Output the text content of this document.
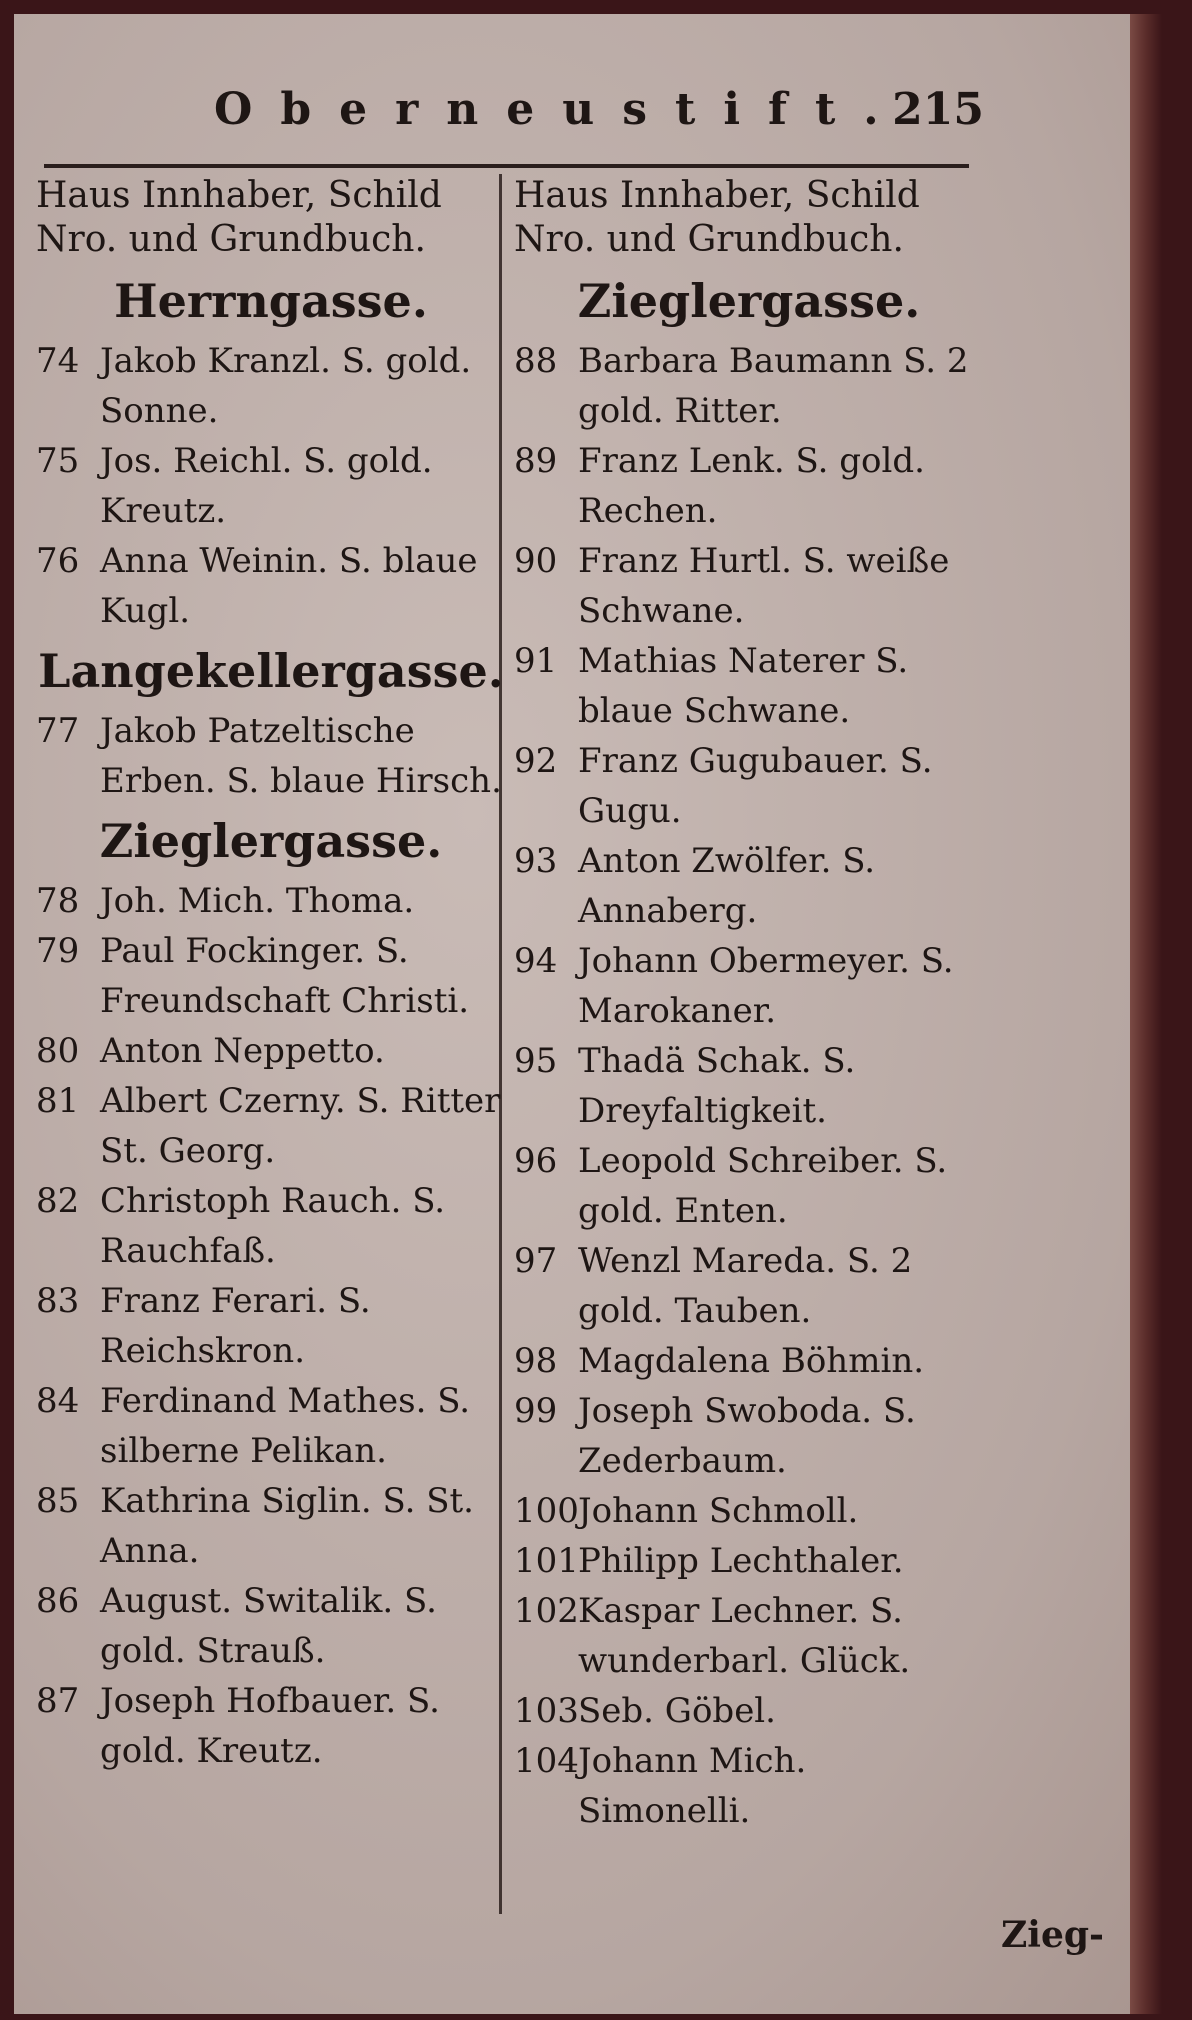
Oberneustift.
215
Haus Innhaber, Schild
Nro. und Grundbuch.
Herrngasse.
74 Jakob Kranzl. S. gold. Sonne.
75 Jos. Reichl. S. gold. Kreutz.
76 Anna Weinin. S. blaue Kugl.
Langekellergasse.
77 Jakob Patzeltische Erben. S. blaue Hirsch.
Zieglergasse.
78 Joh. Mich. Thoma.
79 Paul Fockinger. S. Freundschaft Christi.
80 Anton Neppetto.
81 Albert Czerny. S. Ritter St. Georg.
82 Christoph Rauch. S. Rauchfaß.
83 Franz Ferari. S. Reichskron.
84 Ferdinand Mathes. S. silberne Pelikan.
85 Kathrina Siglin. S. St. Anna.
86 August. Switalik. S. gold. Strauß.
87 Joseph Hofbauer. S. gold. Kreutz.
Haus Innhaber, Schild
Nro. und Grundbuch.
Zieglergasse.
88 Barbara Baumann S. 2 gold. Ritter.
89 Franz Lenk. S. gold. Rechen.
90 Franz Hurtl. S. weiße Schwane.
91 Mathias Naterer S. blaue Schwane.
92 Franz Gugubauer. S. Gugu.
93 Anton Zwölfer. S. Annaberg.
94 Johann Obermeyer. S. Marokaner.
95 Thadä Schak. S. Dreyfaltigkeit.
96 Leopold Schreiber. S. gold. Enten.
97 Wenzl Mareda. S. 2 gold. Tauben.
98 Magdalena Böhmin.
99 Joseph Swoboda. S. Zederbaum.
100 Johann Schmoll.
101 Philipp Lechthaler.
102 Kaspar Lechner. S. wunderbarl. Glück.
103 Seb. Göbel.
104 Johann Mich. Simonelli.
Zieg-
